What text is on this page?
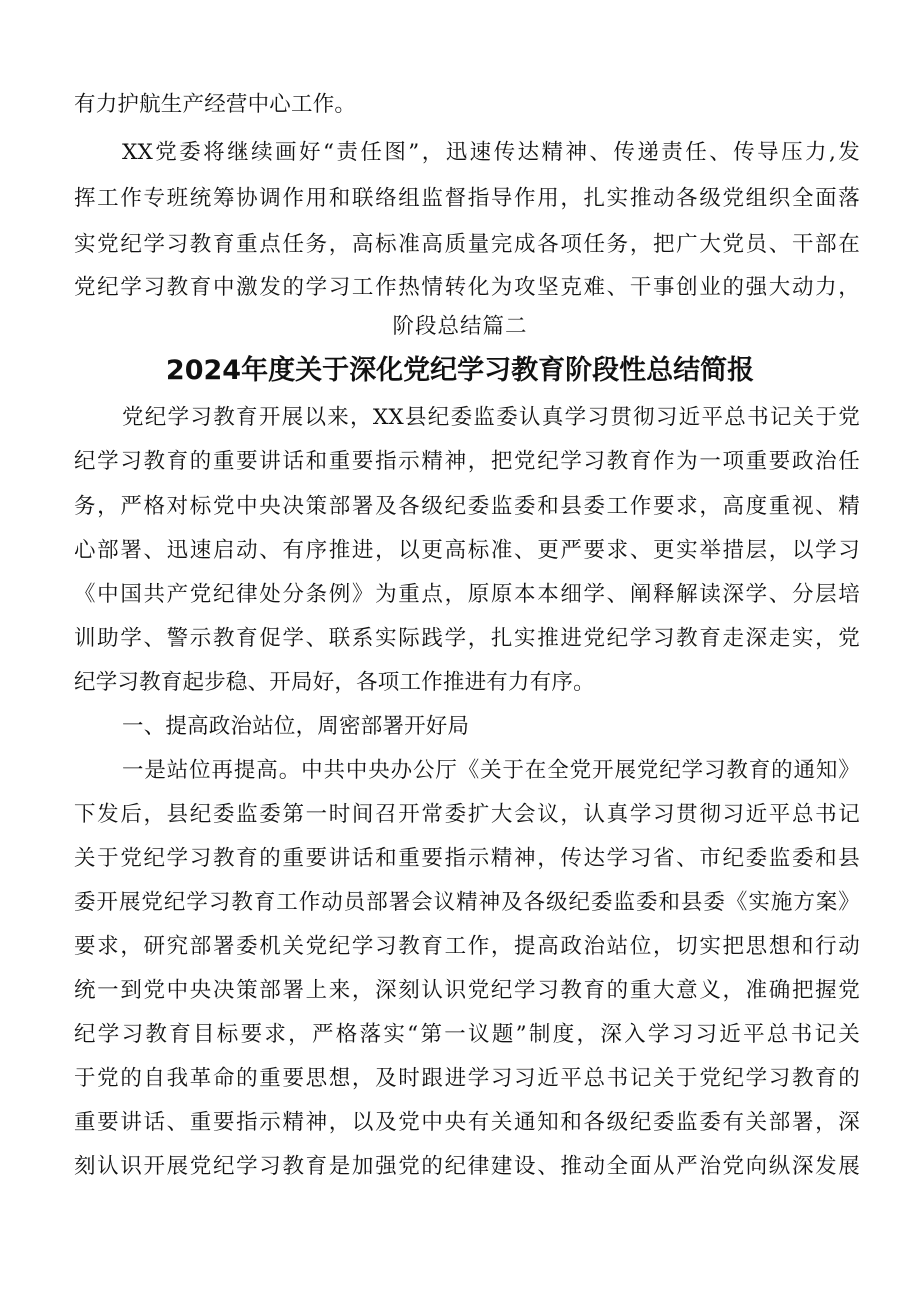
有力护航生产经营中心工作。
XX党委将继续画好“责任图”，迅速传达精神、传递责任、传导压力,发
挥工作专班统筹协调作用和联络组监督指导作用，扎实推动各级党组织全面落
实党纪学习教育重点任务，高标准高质量完成各项任务，把广大党员、干部在
党纪学习教育中激发的学习工作热情转化为攻坚克难、干事创业的强大动力，
阶段总结篇二
2024年度关于深化党纪学习教育阶段性总结简报
党纪学习教育开展以来，XX县纪委监委认真学习贯彻习近平总书记关于党
纪学习教育的重要讲话和重要指示精神，把党纪学习教育作为一项重要政治任
务，严格对标党中央决策部署及各级纪委监委和县委工作要求，高度重视、精
心部署、迅速启动、有序推进，以更高标准、更严要求、更实举措层，以学习
《中国共产党纪律处分条例》为重点，原原本本细学、阐释解读深学、分层培
训助学、警示教育促学、联系实际践学，扎实推进党纪学习教育走深走实，党
纪学习教育起步稳、开局好，各项工作推进有力有序。
一、提高政治站位，周密部署开好局
一是站位再提高。中共中央办公厅《关于在全党开展党纪学习教育的通知》
下发后，县纪委监委第一时间召开常委扩大会议，认真学习贯彻习近平总书记
关于党纪学习教育的重要讲话和重要指示精神，传达学习省、市纪委监委和县
委开展党纪学习教育工作动员部署会议精神及各级纪委监委和县委《实施方案》
要求，研究部署委机关党纪学习教育工作，提高政治站位，切实把思想和行动
统一到党中央决策部署上来，深刻认识党纪学习教育的重大意义，准确把握党
纪学习教育目标要求，严格落实“第一议题”制度，深入学习习近平总书记关
于党的自我革命的重要思想，及时跟进学习习近平总书记关于党纪学习教育的
重要讲话、重要指示精神，以及党中央有关通知和各级纪委监委有关部署，深
刻认识开展党纪学习教育是加强党的纪律建设、推动全面从严治党向纵深发展
